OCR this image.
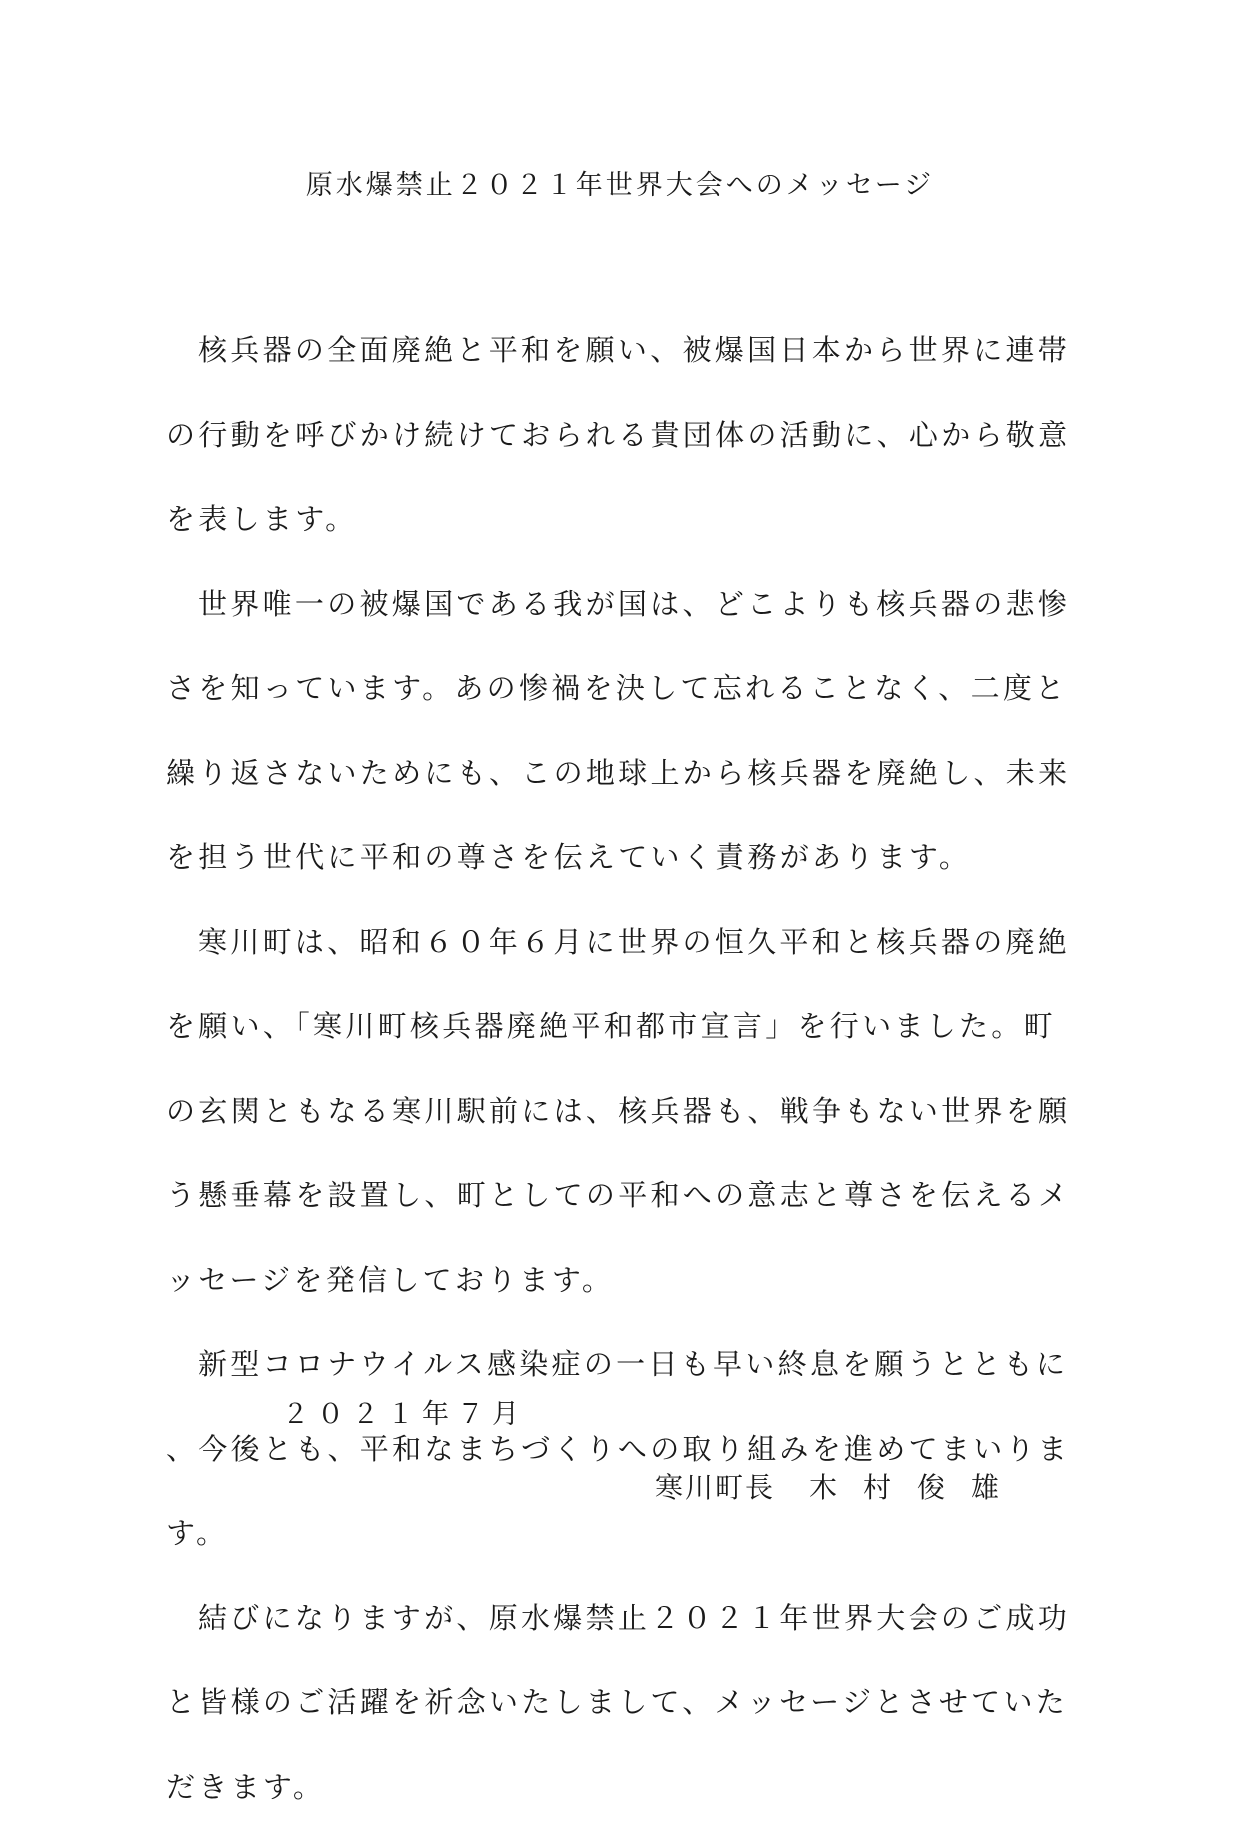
原水爆禁止２０２１年世界大会へのメッセージ

核兵器の全面廃絶と平和を願い、被爆国日本から世界に連帯の行動を呼びかけ続けておられる貴団体の活動に、心から敬意を表します。

世界唯一の被爆国である我が国は、どこよりも核兵器の悲惨さを知っています。あの惨禍を決して忘れることなく、二度と繰り返さないためにも、この地球上から核兵器を廃絶し、未来を担う世代に平和の尊さを伝えていく責務があります。

寒川町は、昭和６０年６月に世界の恒久平和と核兵器の廃絶を願い、「寒川町核兵器廃絶平和都市宣言」を行いました。町の玄関ともなる寒川駅前には、核兵器も、戦争もない世界を願う懸垂幕を設置し、町としての平和への意志と尊さを伝えるメッセージを発信しております。

新型コロナウイルス感染症の一日も早い終息を願うとともに、今後とも、平和なまちづくりへの取り組みを進めてまいります。

結びになりますが、原水爆禁止２０２１年世界大会のご成功と皆様のご活躍を祈念いたしまして、メッセージとさせていただきます。

２０２１年７月
寒川町長 木村俊雄
